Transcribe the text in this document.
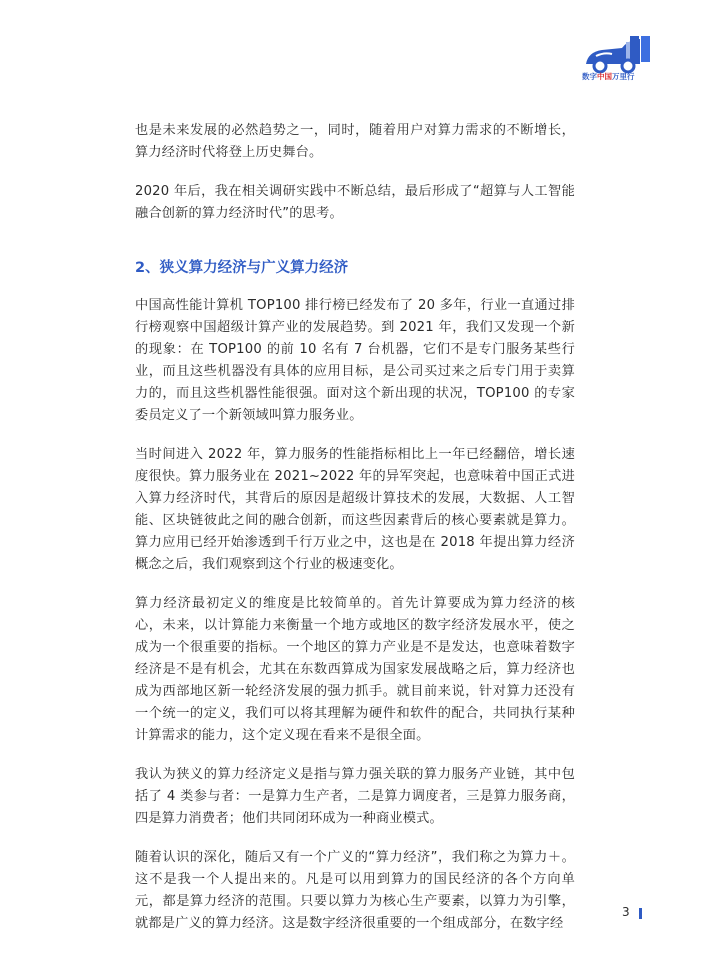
数字中国万里行

也是未来发展的必然趋势之一，同时，随着用户对算力需求的不断增长，算力经济时代将登上历史舞台。

2020 年后，我在相关调研实践中不断总结，最后形成了“超算与人工智能融合创新的算力经济时代”的思考。

2、狭义算力经济与广义算力经济

中国高性能计算机 TOP100 排行榜已经发布了 20 多年，行业一直通过排行榜观察中国超级计算产业的发展趋势。到 2021 年，我们又发现一个新的现象：在 TOP100 的前 10 名有 7 台机器，它们不是专门服务某些行业，而且这些机器没有具体的应用目标，是公司买过来之后专门用于卖算力的，而且这些机器性能很强。面对这个新出现的状况，TOP100 的专家委员定义了一个新领域叫算力服务业。

当时间进入 2022 年，算力服务的性能指标相比上一年已经翻倍，增长速度很快。算力服务业在 2021~2022 年的异军突起，也意味着中国正式进入算力经济时代，其背后的原因是超级计算技术的发展，大数据、人工智能、区块链彼此之间的融合创新，而这些因素背后的核心要素就是算力。算力应用已经开始渗透到千行万业之中，这也是在 2018 年提出算力经济概念之后，我们观察到这个行业的极速变化。

算力经济最初定义的维度是比较简单的。首先计算要成为算力经济的核心，未来，以计算能力来衡量一个地方或地区的数字经济发展水平，使之成为一个很重要的指标。一个地区的算力产业是不是发达，也意味着数字经济是不是有机会，尤其在东数西算成为国家发展战略之后，算力经济也成为西部地区新一轮经济发展的强力抓手。就目前来说，针对算力还没有一个统一的定义，我们可以将其理解为硬件和软件的配合，共同执行某种计算需求的能力，这个定义现在看来不是很全面。

我认为狭义的算力经济定义是指与算力强关联的算力服务产业链，其中包括了 4 类参与者：一是算力生产者，二是算力调度者，三是算力服务商，四是算力消费者；他们共同闭环成为一种商业模式。

随着认识的深化，随后又有一个广义的“算力经济”，我们称之为算力＋。这不是我一个人提出来的。凡是可以用到算力的国民经济的各个方向单元，都是算力经济的范围。只要以算力为核心生产要素，以算力为引擎，就都是广义的算力经济。这是数字经济很重要的一个组成部分，在数字经

3
